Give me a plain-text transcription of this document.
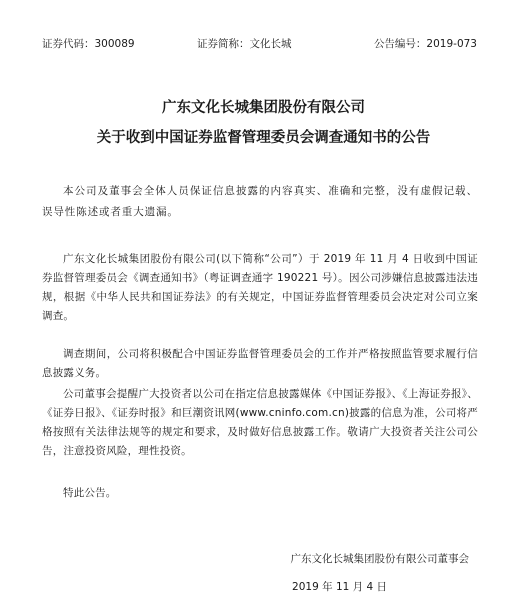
证券代码：300089	证券简称：文化长城	公告编号：2019-073
广东文化长城集团股份有限公司
关于收到中国证券监督管理委员会调查通知书的公告
本公司及董事会全体人员保证信息披露的内容真实、准确和完整，没有虚假记载、误导性陈述或者重大遗漏。
广东文化长城集团股份有限公司(以下简称“公司”）于 2019 年 11 月 4 日收到中国证券监督管理委员会《调查通知书》（粤证调查通字 190221 号）。因公司涉嫌信息披露违法违规，根据《中华人民共和国证券法》的有关规定，中国证券监督管理委员会决定对公司立案调查。
调查期间，公司将积极配合中国证券监督管理委员会的工作并严格按照监管要求履行信息披露义务。
公司董事会提醒广大投资者以公司在指定信息披露媒体《中国证券报》、《上海证券报》、《证券日报》、《证券时报》和巨潮资讯网(www.cninfo.com.cn)披露的信息为准，公司将严格按照有关法律法规等的规定和要求，及时做好信息披露工作。敬请广大投资者关注公司公告，注意投资风险，理性投资。
特此公告。
广东文化长城集团股份有限公司董事会
2019 年 11 月 4 日
